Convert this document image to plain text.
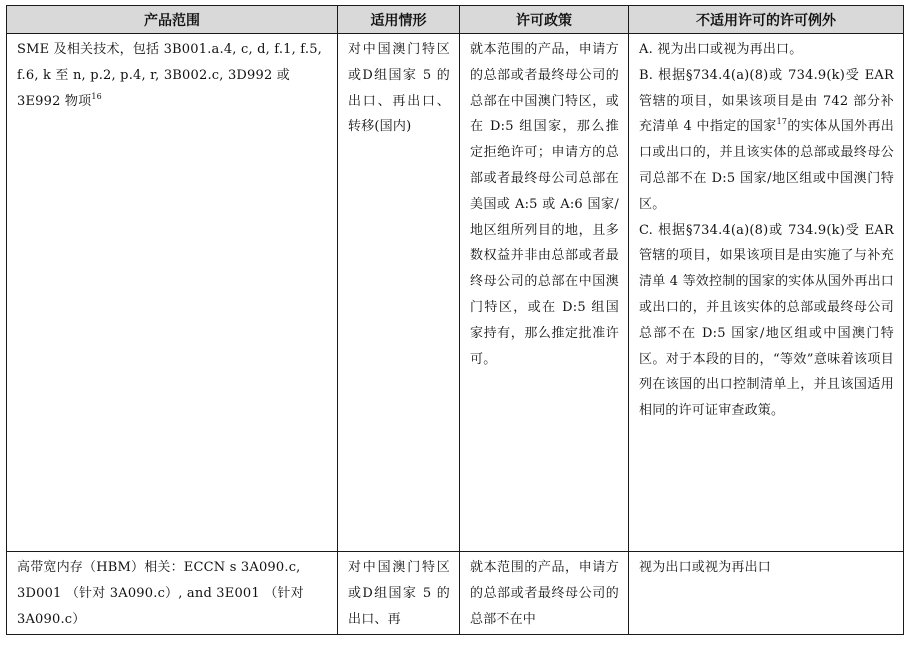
产品范围	适用情形	许可政策	不适用许可的许可例外
SME 及相关技术，包括 3B001.a.4, c, d, f.1, f.5, f.6, k 至 n, p.2, p.4, r, 3B002.c, 3D992 或 3E992 物项$^{16}$	对中国澳门特区或D组国家 5 的出口、再出口、转移(国内)	就本范围的产品，申请方的总部或者最终母公司的总部在中国澳门特区，或在 D:5 组国家，那么推定拒绝许可；申请方的总部或者最终母公司总部在美国或 A:5 或 A:6 国家/地区组所列目的地，且多数权益并非由总部或者最终母公司的总部在中国澳门特区，或在 D:5 组国家持有，那么推定批准许可。	A. 视为出口或视为再出口。

B. 根据§734.4(a)(8)或 734.9(k)受 EAR 管辖的项目，如果该项目是由 742 部分补充清单 4 中指定的国家$^{17}$的实体从国外再出口或出口的，并且该实体的总部或最终母公司总部不在 D:5 国家/地区组或中国澳门特区。

C. 根据§734.4(a)(8)或 734.9(k)受 EAR 管辖的项目，如果该项目是由实施了与补充清单 4 等效控制的国家的实体从国外再出口或出口的，并且该实体的总部或最终母公司总部不在 D:5 国家/地区组或中国澳门特区。对于本段的目的，“等效”意味着该项目列在该国的出口控制清单上，并且该国适用相同的许可证审查政策。

高带宽内存（HBM）相关：ECCN s 3A090.c, 3D001 （针对 3A090.c）, and 3E001 （针对 3A090.c）	对中国澳门特区或D组国家 5 的出口、再	就本范围的产品，申请方的总部或者最终母公司的总部不在中	视为出口或视为再出口
